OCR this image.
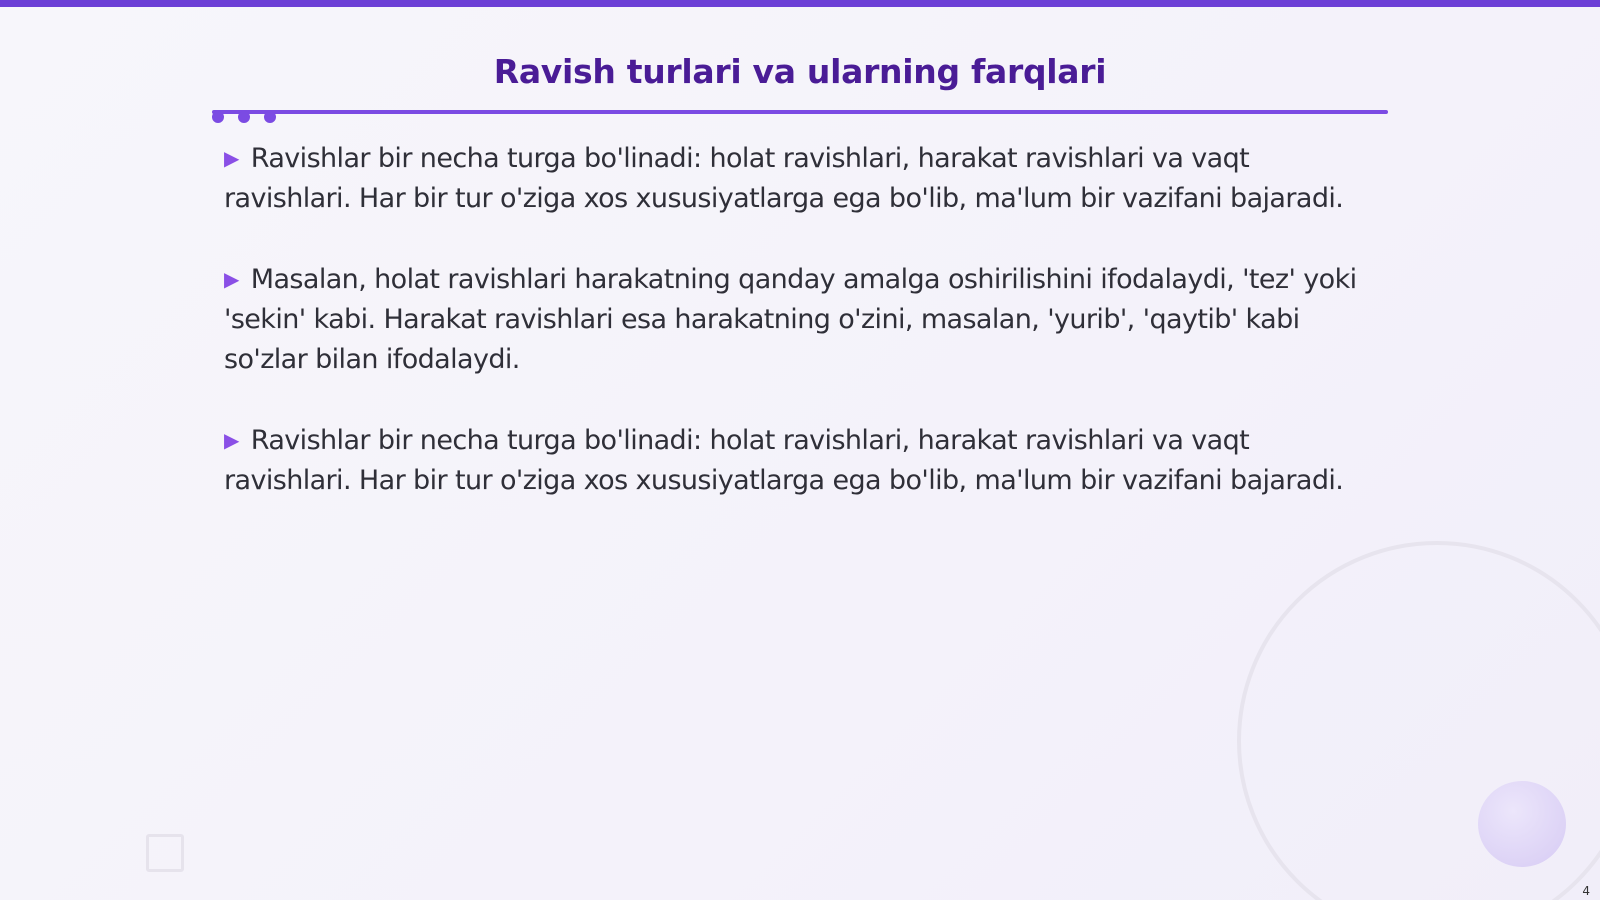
Ravish turlari va ularning farqlari

▶ Ravishlar bir necha turga bo'linadi: holat ravishlari, harakat ravishlari va vaqt ravishlari. Har bir tur o'ziga xos xususiyatlarga ega bo'lib, ma'lum bir vazifani bajaradi.

▶ Masalan, holat ravishlari harakatning qanday amalga oshirilishini ifodalaydi, 'tez' yoki 'sekin' kabi. Harakat ravishlari esa harakatning o'zini, masalan, 'yurib', 'qaytib' kabi so'zlar bilan ifodalaydi.

▶ Ravishlar bir necha turga bo'linadi: holat ravishlari, harakat ravishlari va vaqt ravishlari. Har bir tur o'ziga xos xususiyatlarga ega bo'lib, ma'lum bir vazifani bajaradi.

4
